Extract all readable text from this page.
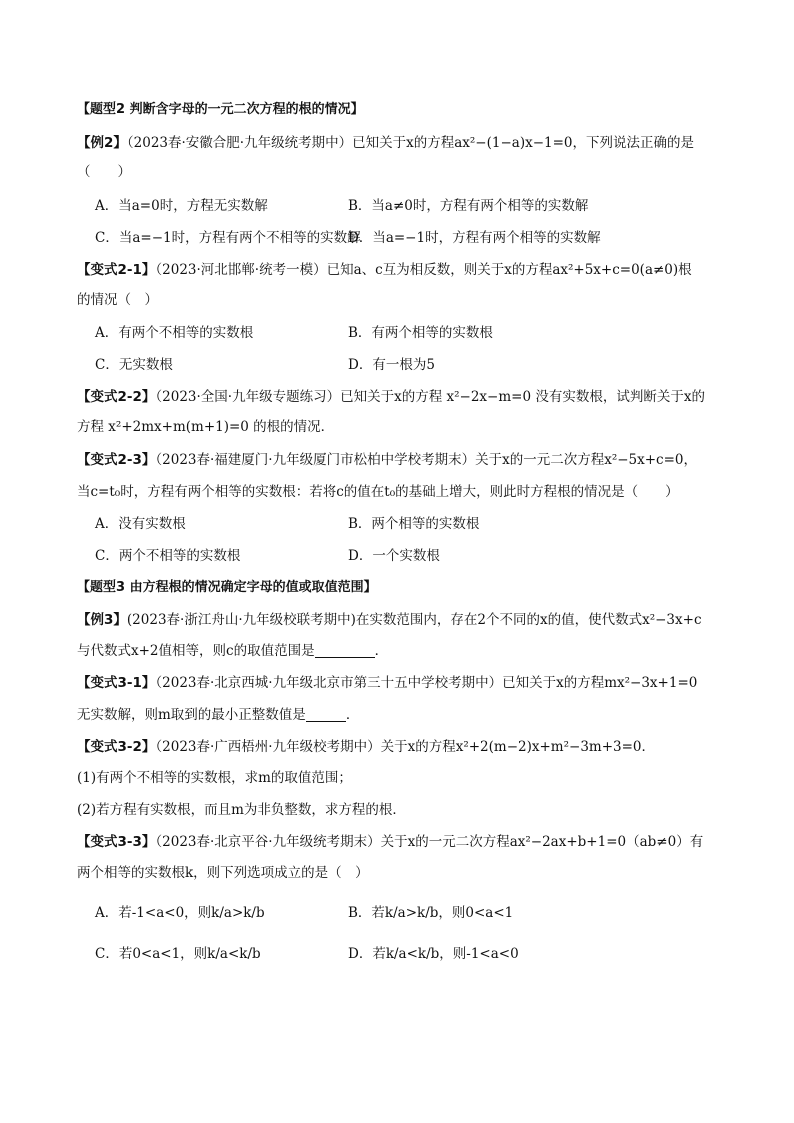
【题型2 判断含字母的一元二次方程的根的情况】
【例2】（2023春·安徽合肥·九年级统考期中）已知关于x的方程ax²−(1−a)x−1=0，下列说法正确的是
（　　）
A．当a=0时，方程无实数解	B．当a≠0时，方程有两个相等的实数解
C．当a=−1时，方程有两个不相等的实数解
D．当a=−1时，方程有两个相等的实数解
【变式2-1】（2023·河北邯郸·统考一模）已知a、c互为相反数，则关于x的方程ax²+5x+c=0(a≠0)根
的情况（　）
A．有两个不相等的实数根	B．有两个相等的实数根
C．无实数根	D．有一根为5
【变式2-2】（2023·全国·九年级专题练习）已知关于x的方程 x²−2x−m=0 没有实数根，试判断关于x的
方程 x²+2mx+m(m+1)=0 的根的情况．
【变式2-3】（2023春·福建厦门·九年级厦门市松柏中学校考期末）关于x的一元二次方程x²−5x+c=0，
当c=t₀时，方程有两个相等的实数根：若将c的值在t₀的基础上增大，则此时方程根的情况是（　　）
A．没有实数根	B．两个相等的实数根
C．两个不相等的实数根	D．一个实数根
【题型3 由方程根的情况确定字母的值或取值范围】
【例3】(2023春·浙江舟山·九年级校联考期中)在实数范围内，存在2个不同的x的值，使代数式x²−3x+c
与代数式x+2值相等，则c的取值范围是	．
【变式3-1】（2023春·北京西城·九年级北京市第三十五中学校考期中）已知关于x的方程mx²−3x+1=0
无实数解，则m取到的最小正整数值是	．
【变式3-2】（2023春·广西梧州·九年级校考期中）关于x的方程x²+2(m−2)x+m²−3m+3=0．
(1)有两个不相等的实数根，求m的取值范围；
(2)若方程有实数根，而且m为非负整数，求方程的根．
【变式3-3】（2023春·北京平谷·九年级统考期末）关于x的一元二次方程ax²−2ax+b+1=0（ab≠0）有
两个相等的实数根k，则下列选项成立的是（　）
A．若-1<a<0，则k/a>k/b	B．若k/a>k/b，则0<a<1
C．若0<a<1，则k/a<k/b	D．若k/a<k/b，则-1<a<0
